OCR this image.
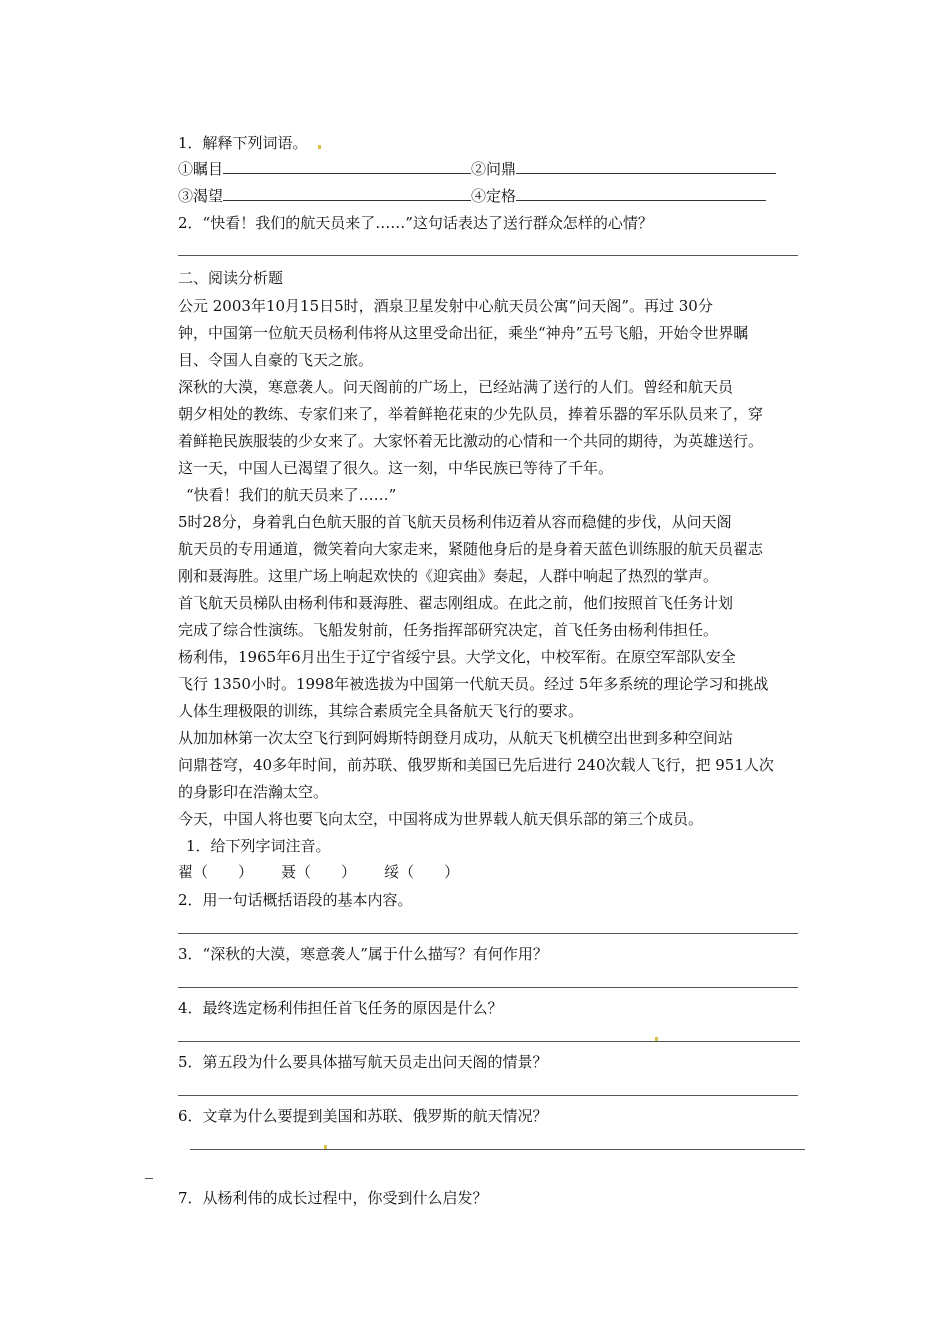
1．解释下列词语。
①瞩目	②问鼎
③渴望	④定格
2．“快看！我们的航天员来了……”这句话表达了送行群众怎样的心情？
二、阅读分析题
公元 2003年10月15日5时，酒泉卫星发射中心航天员公寓“问天阁”。再过 30分
钟，中国第一位航天员杨利伟将从这里受命出征，乘坐“神舟”五号飞船，开始令世界瞩
目、令国人自豪的飞天之旅。
深秋的大漠，寒意袭人。问天阁前的广场上，已经站满了送行的人们。曾经和航天员
朝夕相处的教练、专家们来了，举着鲜艳花束的少先队员，捧着乐器的军乐队员来了，穿
着鲜艳民族服装的少女来了。大家怀着无比激动的心情和一个共同的期待，为英雄送行。
这一天，中国人已渴望了很久。这一刻，中华民族已等待了千年。
“快看！我们的航天员来了……”
5时28分，身着乳白色航天服的首飞航天员杨利伟迈着从容而稳健的步伐，从问天阁
航天员的专用通道，微笑着向大家走来，紧随他身后的是身着天蓝色训练服的航天员翟志
刚和聂海胜。这里广场上响起欢快的《迎宾曲》奏起，人群中响起了热烈的掌声。
首飞航天员梯队由杨利伟和聂海胜、翟志刚组成。在此之前，他们按照首飞任务计划
完成了综合性演练。飞船发射前，任务指挥部研究决定，首飞任务由杨利伟担任。
杨利伟，1965年6月出生于辽宁省绥宁县。大学文化，中校军衔。在原空军部队安全
飞行 1350小时。1998年被选拔为中国第一代航天员。经过 5年多系统的理论学习和挑战
人体生理极限的训练，其综合素质完全具备航天飞行的要求。
从加加林第一次太空飞行到阿姆斯特朗登月成功，从航天飞机横空出世到多种空间站
问鼎苍穹，40多年时间，前苏联、俄罗斯和美国已先后进行 240次载人飞行，把 951人次
的身影印在浩瀚太空。
今天，中国人将也要飞向太空，中国将成为世界载人航天俱乐部的第三个成员。
1．给下列字词注音。
翟（ ） 聂（ ） 绥（ ）
2．用一句话概括语段的基本内容。
3．“深秋的大漠，寒意袭人”属于什么描写？有何作用？
4．最终选定杨利伟担任首飞任务的原因是什么？
5．第五段为什么要具体描写航天员走出问天阁的情景？
6．文章为什么要提到美国和苏联、俄罗斯的航天情况？
7．从杨利伟的成长过程中，你受到什么启发？
